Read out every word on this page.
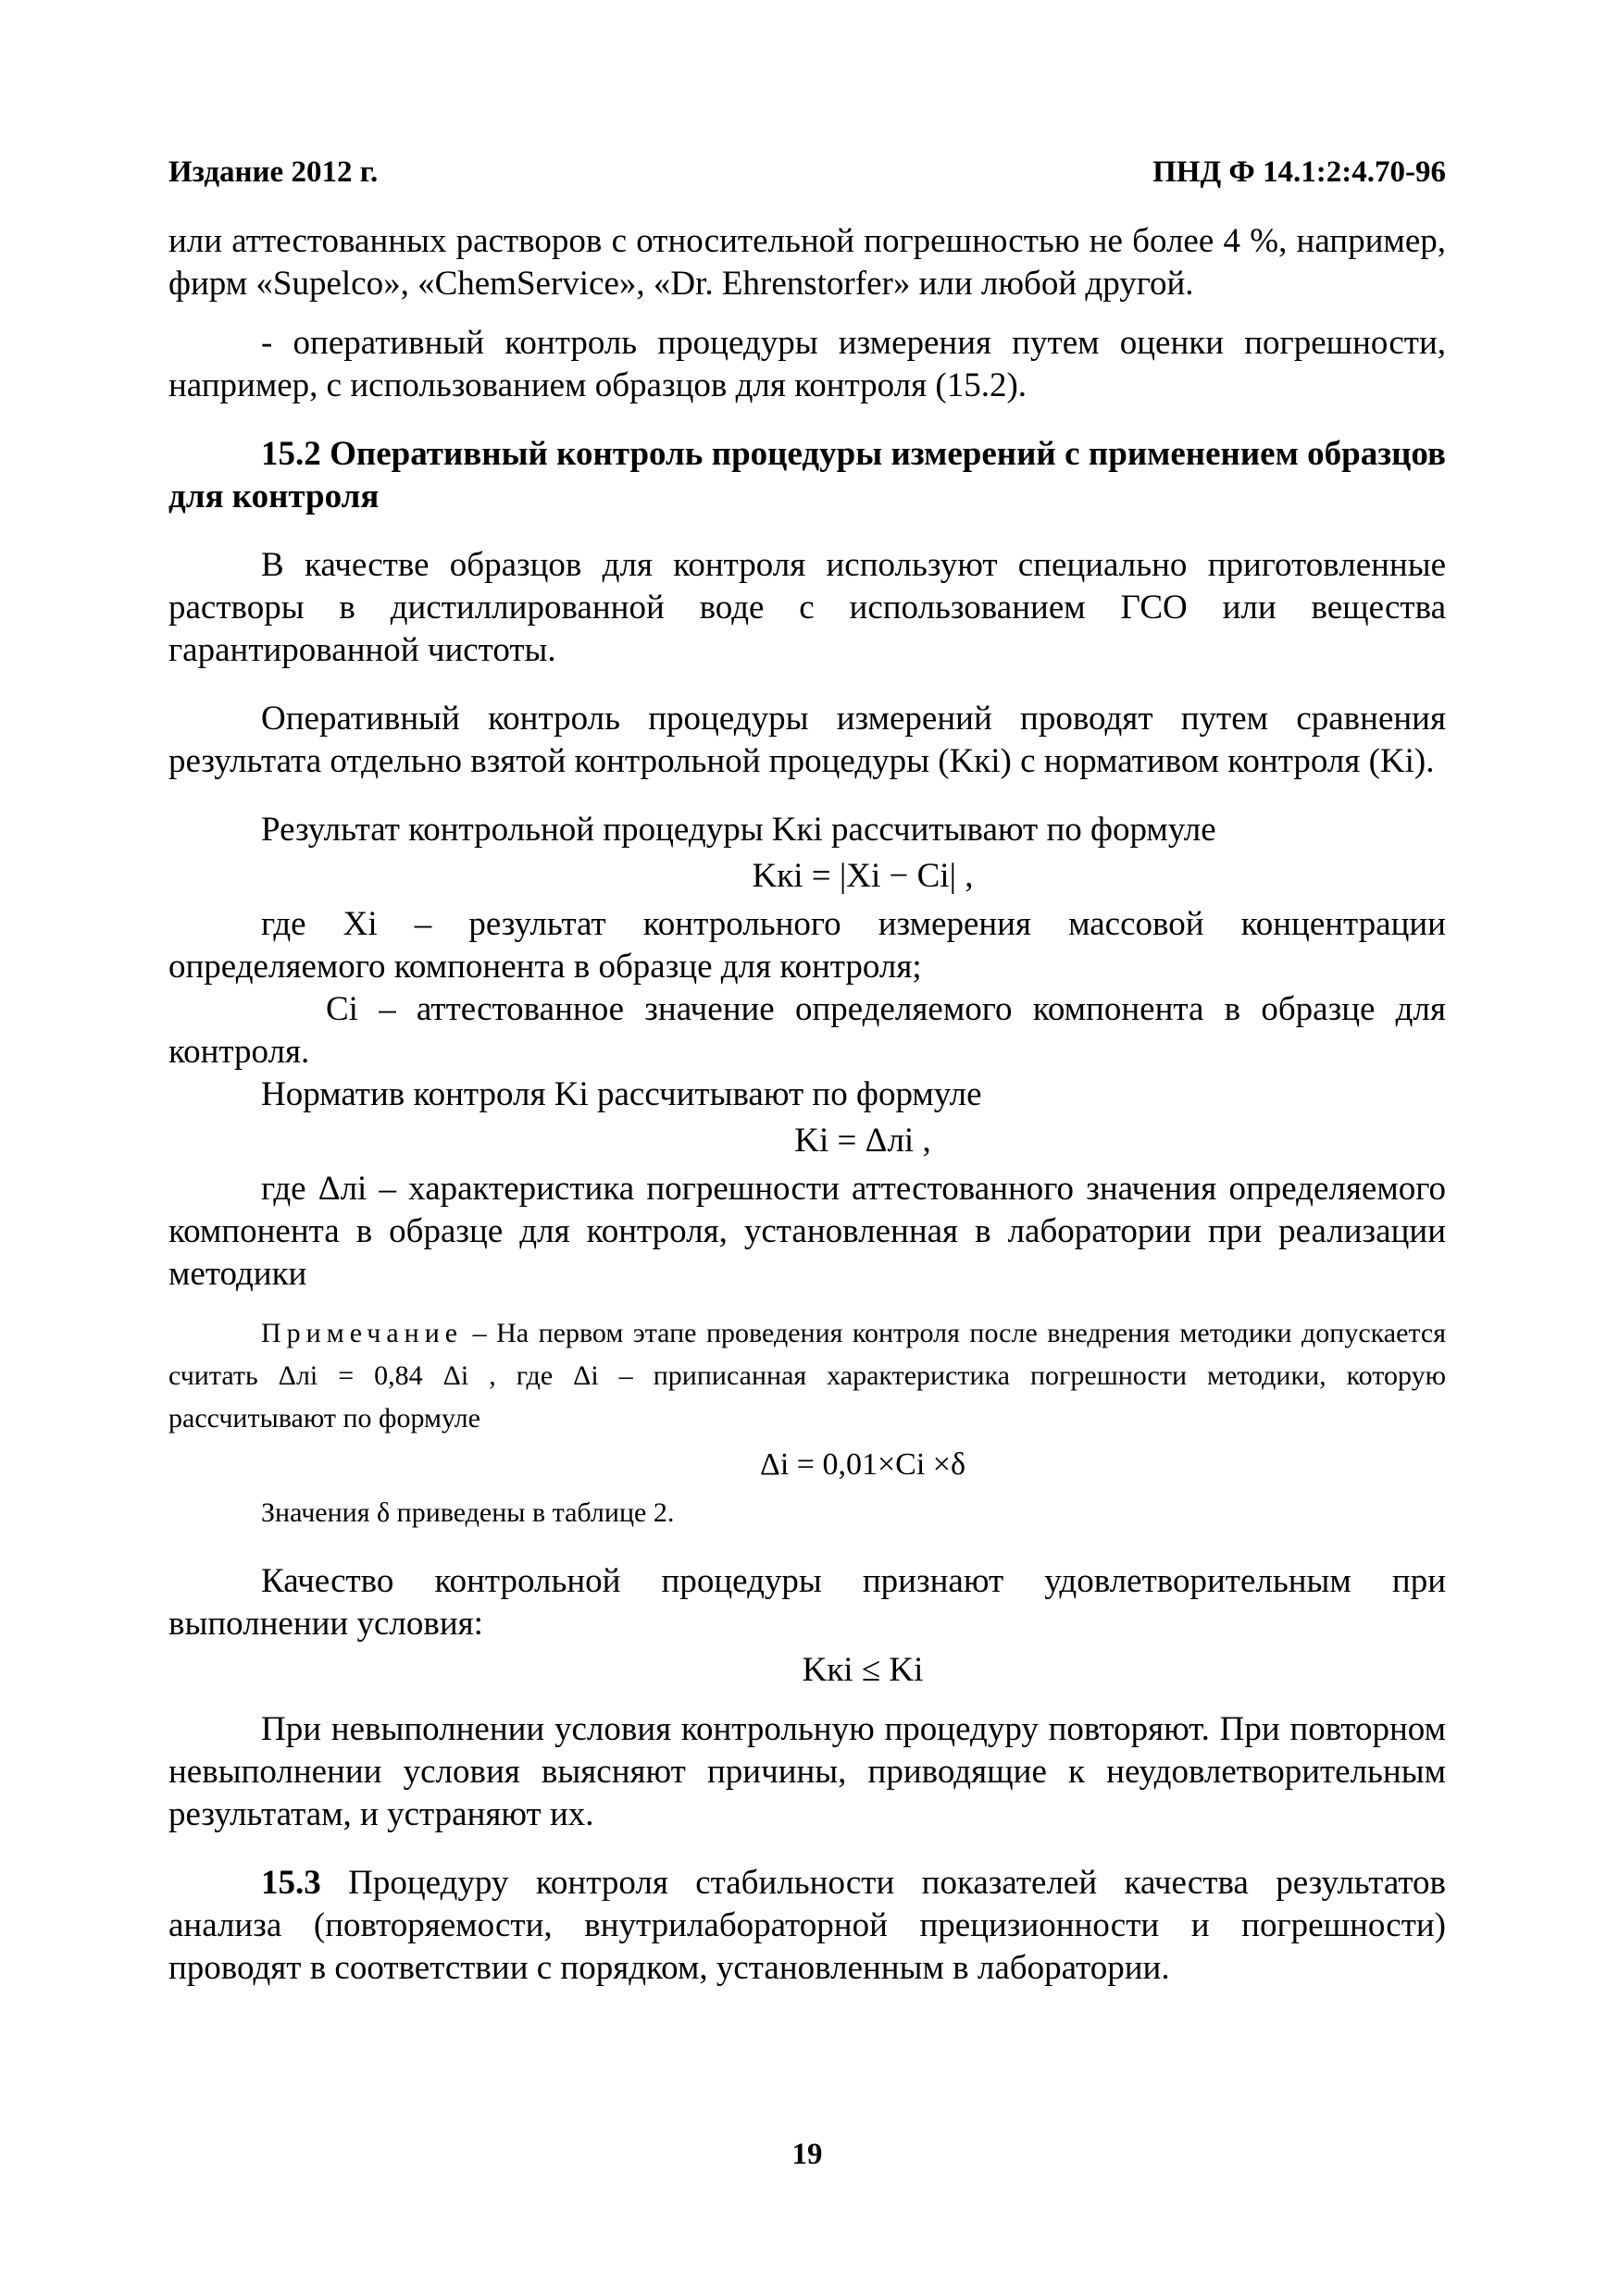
Издание 2012 г.	ПНД Ф 14.1:2:4.70-96

или аттестованных растворов с относительной погрешностью не более 4 %, например, фирм «Supelco», «ChemService», «Dr. Ehrenstorfer» или любой другой.

- оперативный контроль процедуры измерения путем оценки погрешности, например, с использованием образцов для контроля (15.2).

15.2 Оперативный контроль процедуры измерений с применением образцов для контроля

В качестве образцов для контроля используют специально приготовленные растворы в дистиллированной воде с использованием ГСО или вещества гарантированной чистоты.

Оперативный контроль процедуры измерений проводят путем сравнения результата отдельно взятой контрольной процедуры (Kкi) с нормативом контроля (Ki).

Результат контрольной процедуры Kкi рассчитывают по формуле

Kкi = |Xi − Ci| ,

где Xi – результат контрольного измерения массовой концентрации определяемого компонента в образце для контроля;

Ci – аттестованное значение определяемого компонента в образце для контроля.

Норматив контроля Ki рассчитывают по формуле

Ki = Δлi ,

где Δлi – характеристика погрешности аттестованного значения определяемого компонента в образце для контроля, установленная в лаборатории при реализации методики

Примечание – На первом этапе проведения контроля после внедрения методики допускается считать Δлi = 0,84 Δi , где Δi – приписанная характеристика погрешности методики, которую рассчитывают по формуле

Δi = 0,01×Ci ×δ

Значения δ приведены в таблице 2.

Качество контрольной процедуры признают удовлетворительным при выполнении условия:

Kкi ≤ Ki

При невыполнении условия контрольную процедуру повторяют. При повторном невыполнении условия выясняют причины, приводящие к неудовлетворительным результатам, и устраняют их.

15.3 Процедуру контроля стабильности показателей качества результатов анализа (повторяемости, внутрилабораторной прецизионности и погрешности) проводят в соответствии с порядком, установленным в лаборатории.

19
